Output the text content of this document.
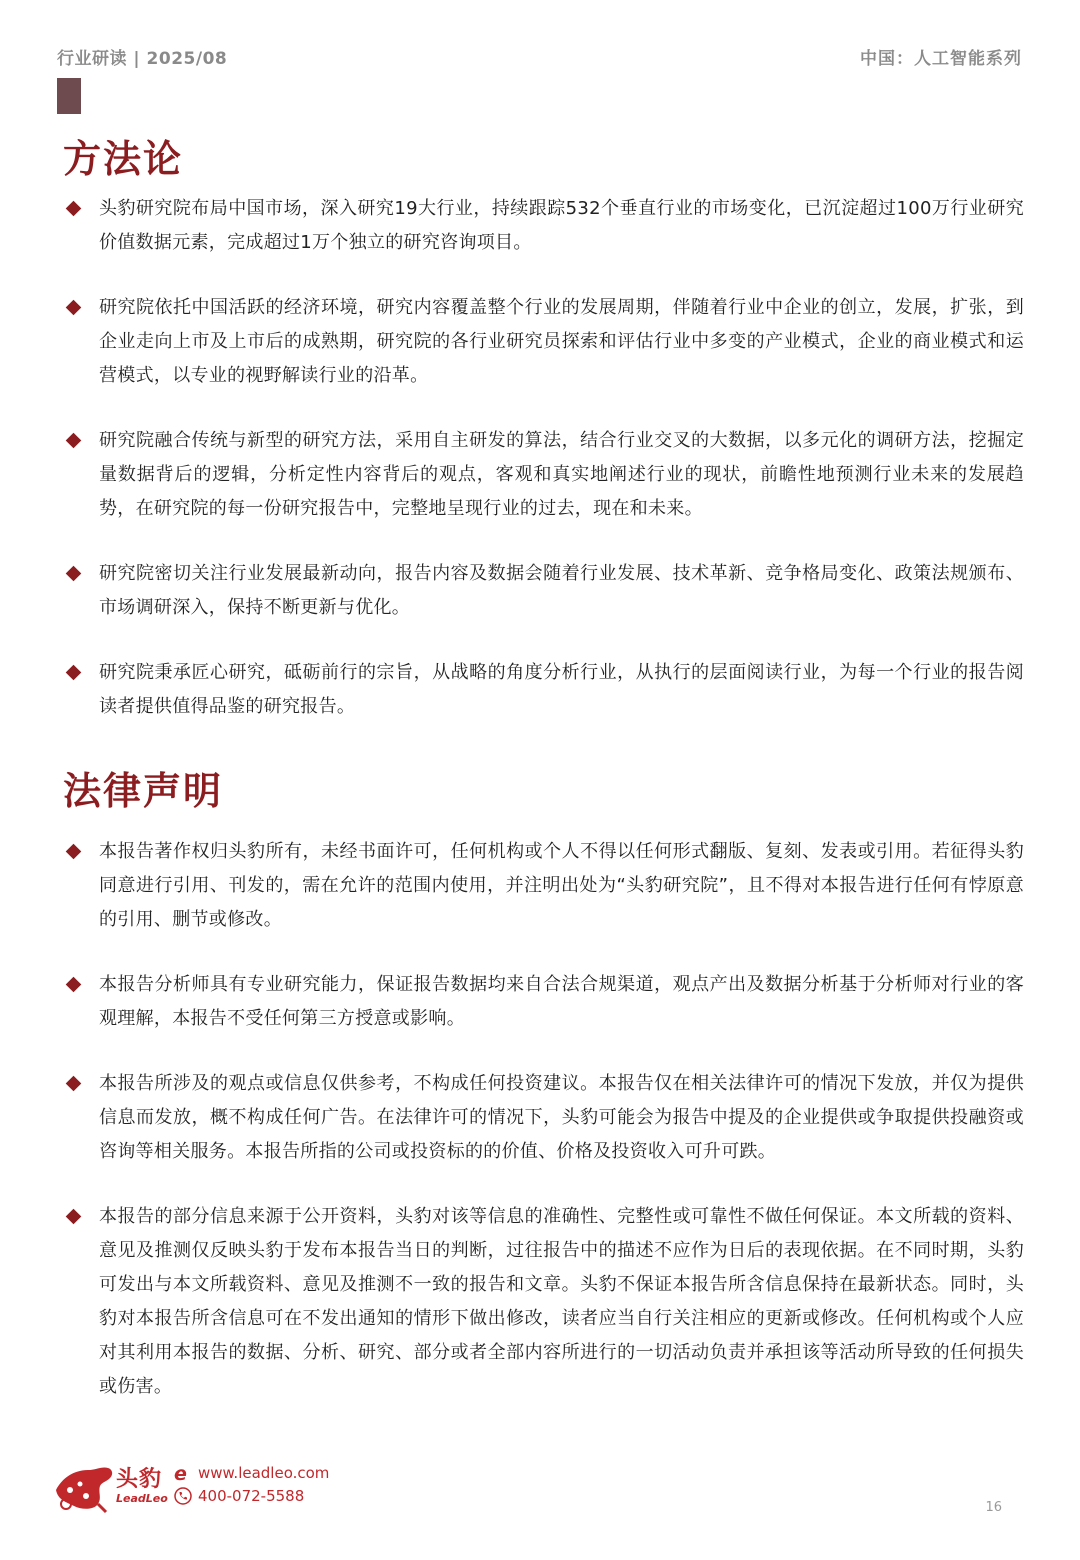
行业研读 | 2025/08	中国：人工智能系列
方法论
头豹研究院布局中国市场，深入研究19大行业，持续跟踪532个垂直行业的市场变化，已沉淀超过100万行业研究价值数据元素，完成超过1万个独立的研究咨询项目。
研究院依托中国活跃的经济环境，研究内容覆盖整个行业的发展周期，伴随着行业中企业的创立，发展，扩张，到企业走向上市及上市后的成熟期，研究院的各行业研究员探索和评估行业中多变的产业模式，企业的商业模式和运营模式，以专业的视野解读行业的沿革。
研究院融合传统与新型的研究方法，采用自主研发的算法，结合行业交叉的大数据，以多元化的调研方法，挖掘定量数据背后的逻辑，分析定性内容背后的观点，客观和真实地阐述行业的现状，前瞻性地预测行业未来的发展趋势，在研究院的每一份研究报告中，完整地呈现行业的过去，现在和未来。
研究院密切关注行业发展最新动向，报告内容及数据会随着行业发展、技术革新、竞争格局变化、政策法规颁布、市场调研深入，保持不断更新与优化。
研究院秉承匠心研究，砥砺前行的宗旨，从战略的角度分析行业，从执行的层面阅读行业，为每一个行业的报告阅读者提供值得品鉴的研究报告。
法律声明
本报告著作权归头豹所有，未经书面许可，任何机构或个人不得以任何形式翻版、复刻、发表或引用。若征得头豹同意进行引用、刊发的，需在允许的范围内使用，并注明出处为“头豹研究院”，且不得对本报告进行任何有悖原意的引用、删节或修改。
本报告分析师具有专业研究能力，保证报告数据均来自合法合规渠道，观点产出及数据分析基于分析师对行业的客观理解，本报告不受任何第三方授意或影响。
本报告所涉及的观点或信息仅供参考，不构成任何投资建议。本报告仅在相关法律许可的情况下发放，并仅为提供信息而发放，概不构成任何广告。在法律许可的情况下，头豹可能会为报告中提及的企业提供或争取提供投融资或咨询等相关服务。本报告所指的公司或投资标的的价值、价格及投资收入可升可跌。
本报告的部分信息来源于公开资料，头豹对该等信息的准确性、完整性或可靠性不做任何保证。本文所载的资料、意见及推测仅反映头豹于发布本报告当日的判断，过往报告中的描述不应作为日后的表现依据。在不同时期，头豹可发出与本文所载资料、意见及推测不一致的报告和文章。头豹不保证本报告所含信息保持在最新状态。同时，头豹对本报告所含信息可在不发出通知的情形下做出修改，读者应当自行关注相应的更新或修改。任何机构或个人应对其利用本报告的数据、分析、研究、部分或者全部内容所进行的一切活动负责并承担该等活动所导致的任何损失或伤害。
头豹
LeadLeo
e www.leadleo.com
400-072-5588
16
